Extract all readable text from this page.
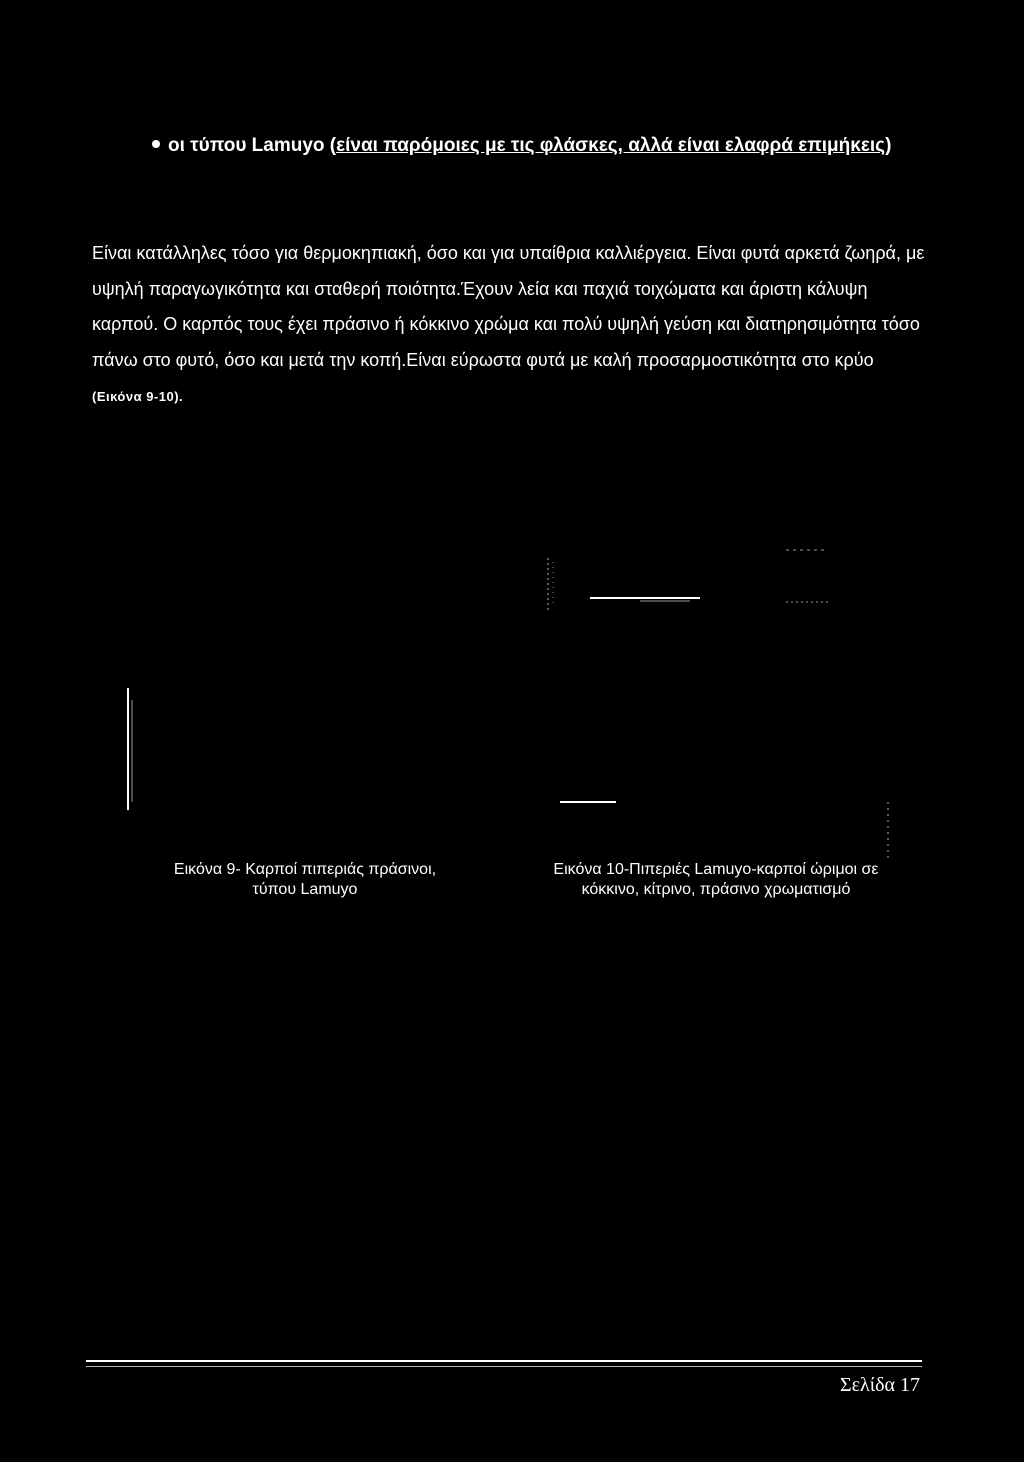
οι τύπου Lamuyo (είναι παρόμοιες με τις φλάσκες, αλλά είναι ελαφρά επιμήκεις)
Είναι κατάλληλες τόσο για θερμοκηπιακή, όσο και για υπαίθρια καλλιέργεια. Είναι φυτά αρκετά ζωηρά, με υψηλή παραγωγικότητα και σταθερή ποιότητα.Έχουν λεία και παχιά τοιχώματα και άριστη κάλυψη καρπού. Ο καρπός τους έχει πράσινο ή κόκκινο χρώμα και πολύ υψηλή γεύση και διατηρησιμότητα τόσο πάνω στο φυτό, όσο και μετά την κοπή.Είναι εύρωστα φυτά με καλή προσαρμοστικότητα στο κρύο (Εικόνα 9-10).
Εικόνα 9- Καρποί πιπεριάς πράσινοι,
τύπου Lamuyo
Εικόνα 10-Πιπεριές Lamuyo-καρποί ώριμοι σε
κόκκινο, κίτρινο, πράσινο χρωματισμό
Σελίδα 17
